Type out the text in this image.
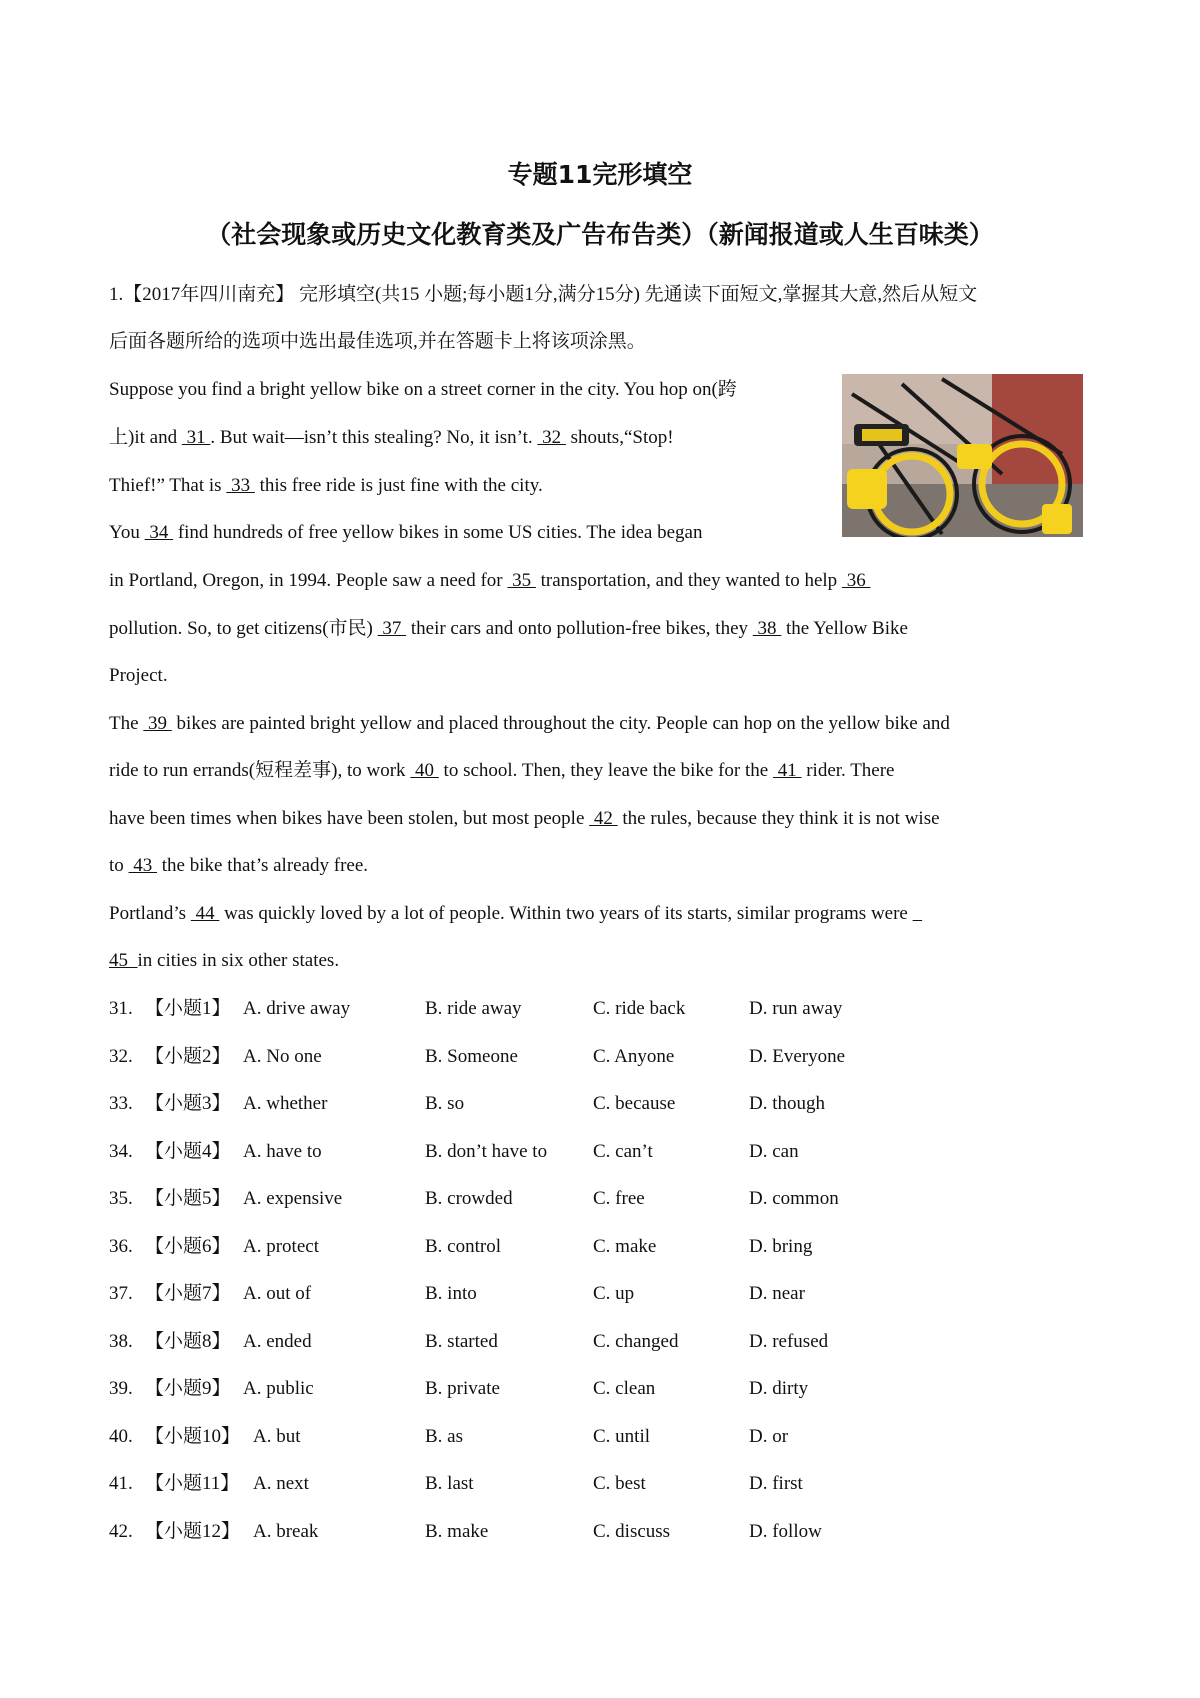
专题11完形填空
（社会现象或历史文化教育类及广告布告类）（新闻报道或人生百味类）
1.【2017年四川南充】 完形填空(共15 小题;每小题1分,满分15分) 先通读下面短文,掌握其大意,然后从短文
后面各题所给的选项中选出最佳选项,并在答题卡上将该项涂黑。
Suppose you find a bright yellow bike on a street corner in the city. You hop on(跨
上)it and  31 . But wait—isn’t this stealing? No, it isn’t.  32  shouts,“Stop!
Thief!” That is  33  this free ride is just fine with the city.
You  34  find hundreds of free yellow bikes in some US cities. The idea began
in Portland, Oregon, in 1994. People saw a need for  35  transportation, and they wanted to help  36
pollution. So, to get citizens(市民)  37  their cars and onto pollution-free bikes, they  38  the Yellow Bike
Project.
The  39  bikes are painted bright yellow and placed throughout the city. People can hop on the yellow bike and
ride to run errands(短程差事), to work  40  to school. Then, they leave the bike for the  41  rider. There
have been times when bikes have been stolen, but most people  42  the rules, because they think it is not wise
to  43  the bike that’s already free.
Portland’s  44  was quickly loved by a lot of people. Within two years of its starts, similar programs were
45  in cities in six other states.
31. 【小题1】 A. drive away	B. ride away	C. ride back	D. run away
32. 【小题2】 A. No one	B. Someone	C. Anyone	D. Everyone
33. 【小题3】 A. whether	B. so	C. because	D. though
34. 【小题4】 A. have to	B. don’t have to C. can’t	D. can
35. 【小题5】 A. expensive	B. crowded	C. free	D. common
36. 【小题6】 A. protect	B. control	C. make	D. bring
37. 【小题7】 A. out of	B. into	C. up	D. near
38. 【小题8】 A. ended	B. started	C. changed	D. refused
39. 【小题9】 A. public	B. private	C. clean	D. dirty
40. 【小题10】 A. but	B. as	C. until	D. or
41. 【小题11】 A. next	B. last	C. best	D. first
42. 【小题12】 A. break	B. make	C. discuss	D. follow
